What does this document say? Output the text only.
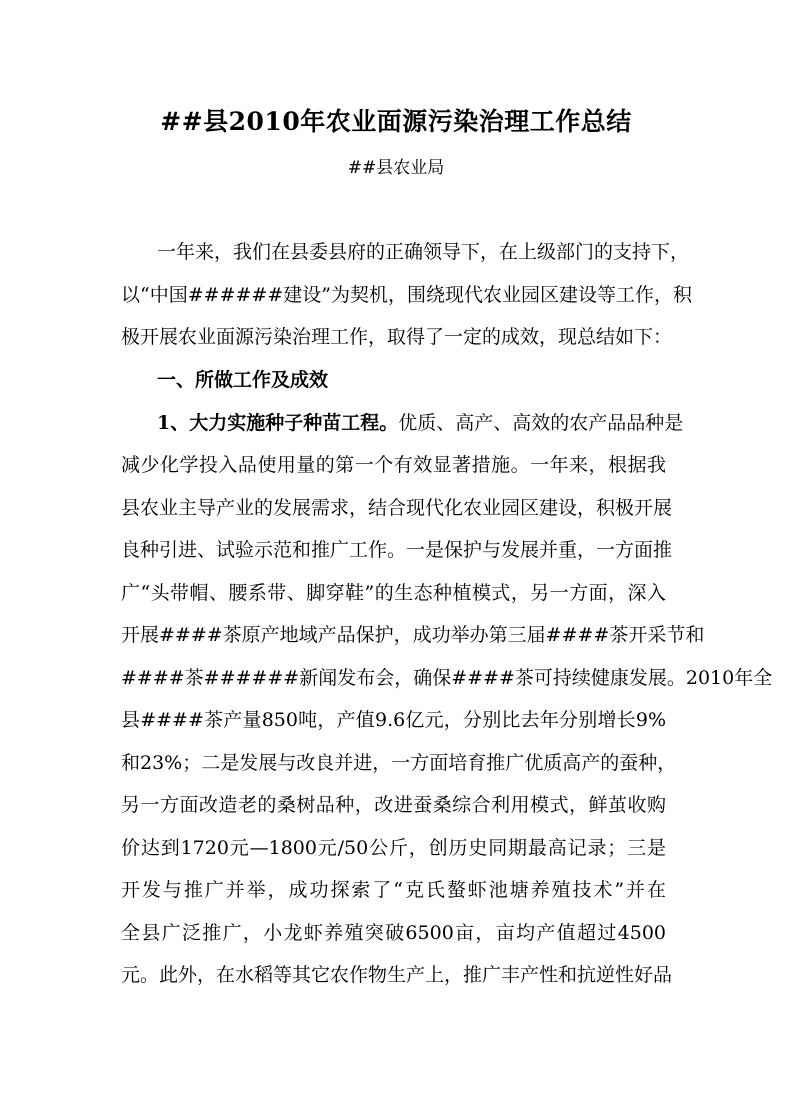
##县2010年农业面源污染治理工作总结
##县农业局
一年来，我们在县委县府的正确领导下，在上级部门的支持下，
以“中国######建设”为契机，围绕现代农业园区建设等工作，积
极开展农业面源污染治理工作，取得了一定的成效，现总结如下：
一、所做工作及成效
1、大力实施种子种苗工程。 优质、高产、高效的农产品品种是
减少化学投入品使用量的第一个有效显著措施。一年来，根据我
县农业主导产业的发展需求，结合现代化农业园区建设，积极开展
良种引进、试验示范和推广工作。一是保护与发展并重，一方面推
广“头带帽、腰系带、脚穿鞋”的生态种植模式，另一方面，深入
开展####茶原产地域产品保护，成功举办第三届####茶开采节和
####茶######新闻发布会，确保####茶可持续健康发展。2010年全
县####茶产量850吨，产值9.6亿元，分别比去年分别增长9%
和23%；二是发展与改良并进，一方面培育推广优质高产的蚕种，
另一方面改造老的桑树品种，改进蚕桑综合利用模式，鲜茧收购
价达到1720元—1800元/50公斤，创历史同期最高记录；三是
开发与推广并举，成功探索了“克氏螯虾池塘养殖技术”并在
全县广泛推广，小龙虾养殖突破6500亩，亩均产值超过4500
元。此外，在水稻等其它农作物生产上，推广丰产性和抗逆性好品
